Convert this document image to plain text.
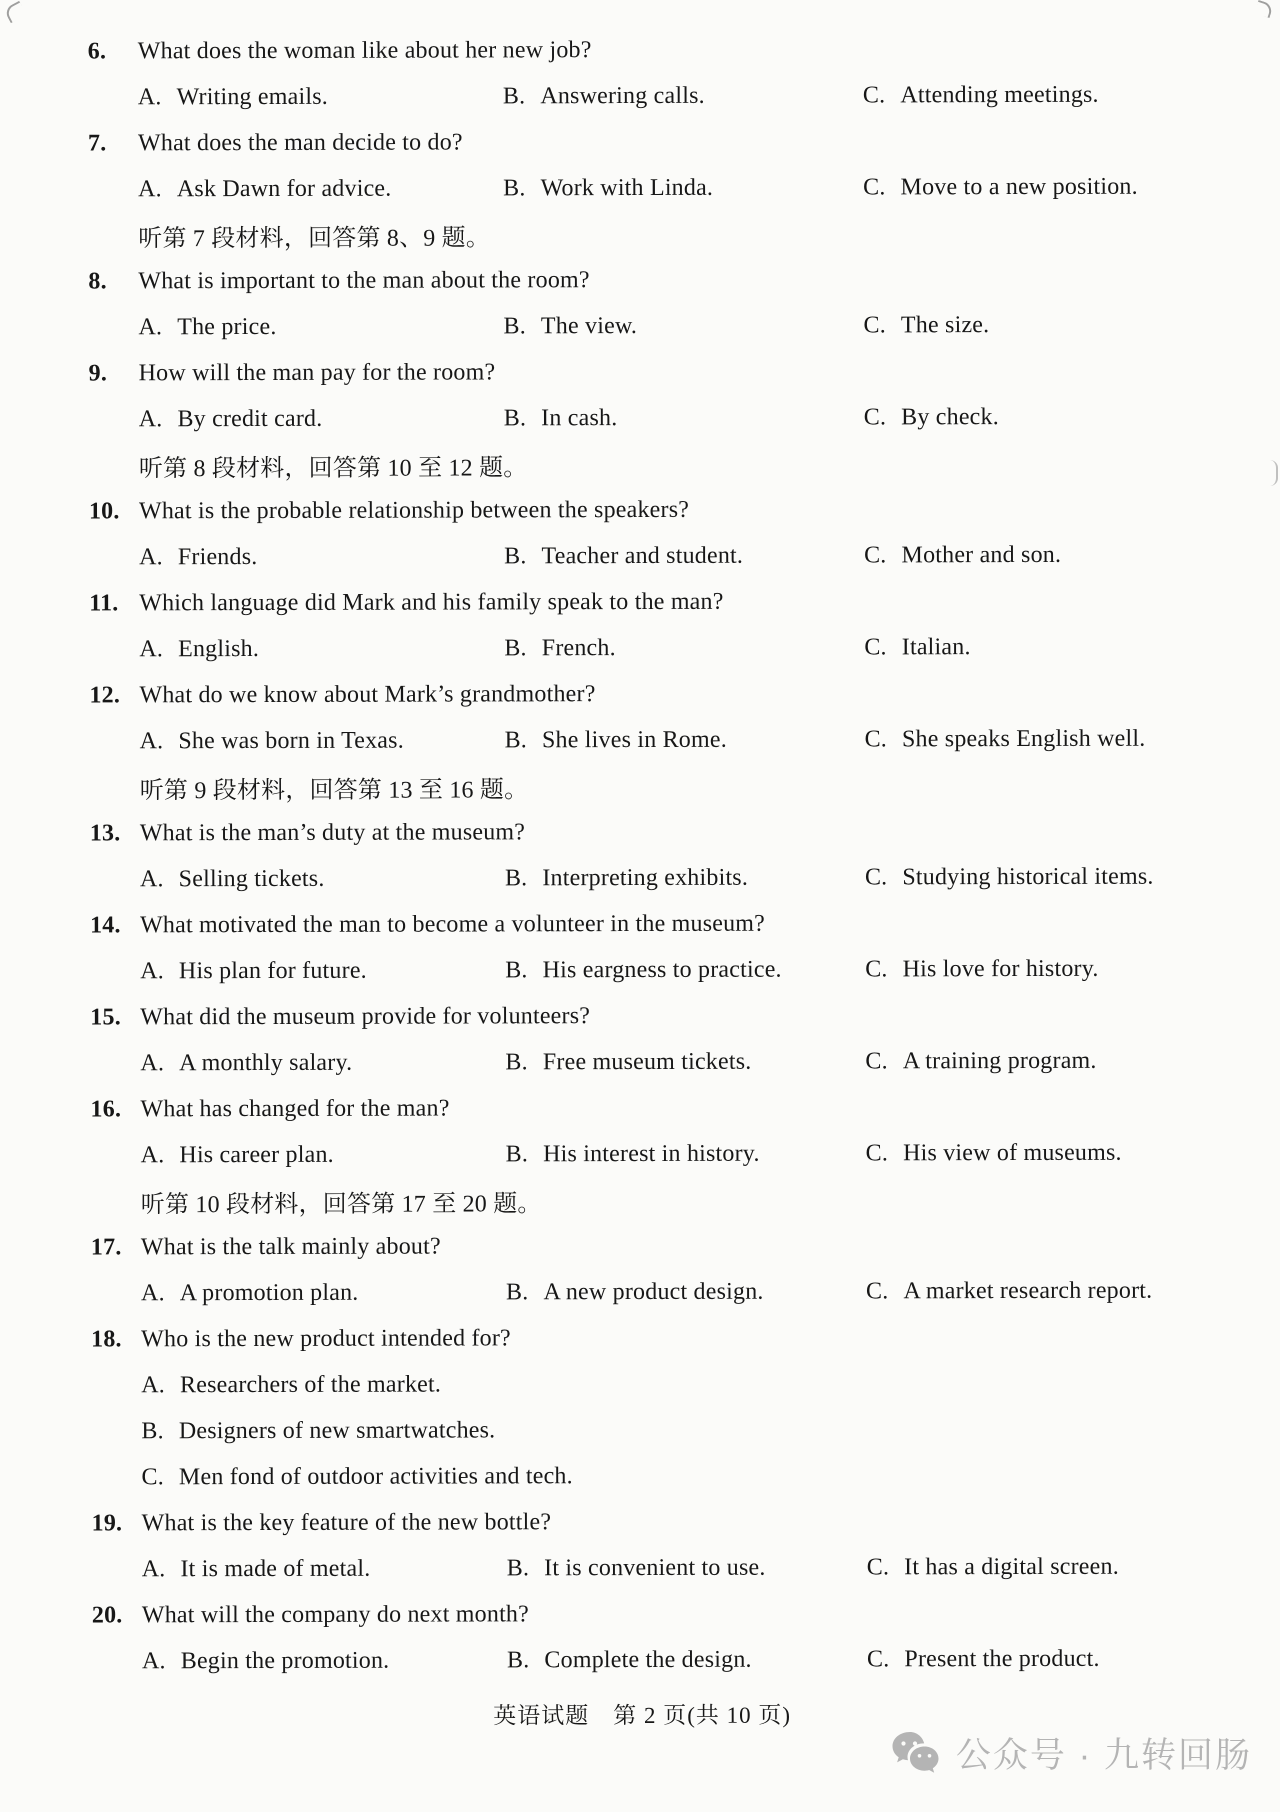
6.	What does the woman like about her new job?
A. Writing emails.	B. Answering calls.	C. Attending meetings.
7.	What does the man decide to do?
A. Ask Dawn for advice.	B. Work with Linda.	C. Move to a new position.
听第 7 段材料，回答第 8、9 题。
8.	What is important to the man about the room?
A. The price.	B. The view.	C. The size.
9.	How will the man pay for the room?
A. By credit card.	B. In cash.	C. By check.
听第 8 段材料，回答第 10 至 12 题。
10. What is the probable relationship between the speakers?
A. Friends.	B. Teacher and student.	C. Mother and son.
11. Which language did Mark and his family speak to the man?
A. English.	B. French.	C. Italian.
12. What do we know about Mark’s grandmother?
A. She was born in Texas.	B. She lives in Rome.	C. She speaks English well.
听第 9 段材料，回答第 13 至 16 题。
13. What is the man’s duty at the museum?
A. Selling tickets.	B. Interpreting exhibits.	C. Studying historical items.
14. What motivated the man to become a volunteer in the museum?
A. His plan for future.	B. His eargness to practice.	C. His love for history.
15. What did the museum provide for volunteers?
A. A monthly salary.	B. Free museum tickets.	C. A training program.
16. What has changed for the man?
A. His career plan.	B. His interest in history.	C. His view of museums.
听第 10 段材料，回答第 17 至 20 题。
17. What is the talk mainly about?
A. A promotion plan.	B. A new product design.	C. A market research report.
18. Who is the new product intended for?
A. Researchers of the market.
B. Designers of new smartwatches.
C. Men fond of outdoor activities and tech.
19. What is the key feature of the new bottle?
A. It is made of metal.	B. It is convenient to use.	C. It has a digital screen.
20. What will the company do next month?
A. Begin the promotion.	B. Complete the design.	C. Present the product.
英语试题　第 2 页(共 10 页)
公众号 · 九转回肠
